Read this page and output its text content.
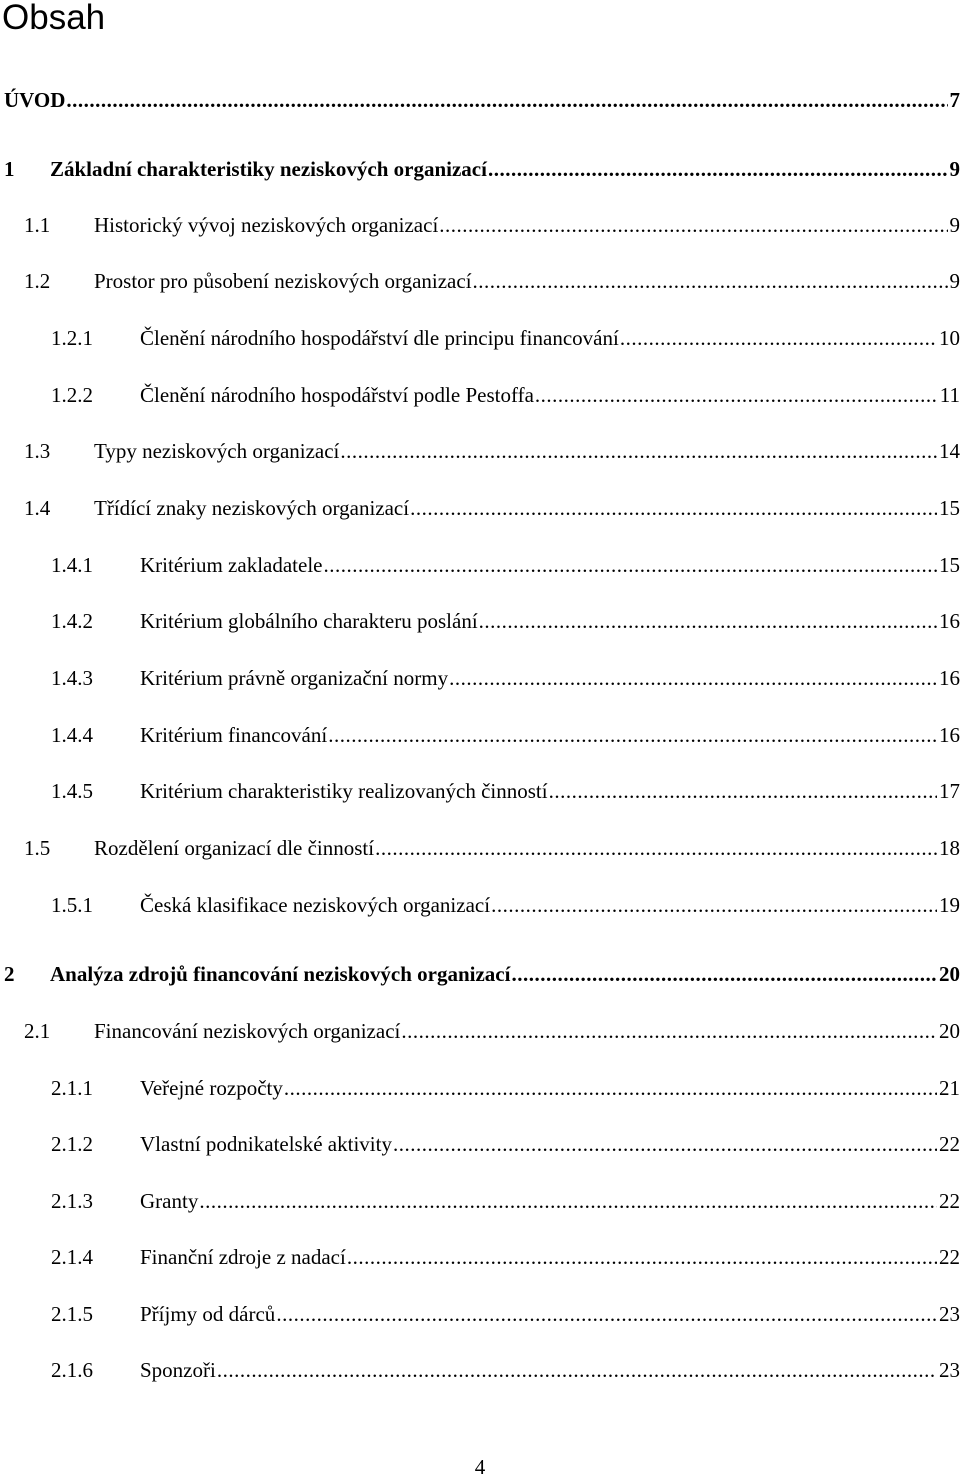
Obsah
ÚVOD .....	7
1 Základní charakteristiky neziskových organizací .....	9
1.1 Historický vývoj neziskových organizací .....	9
1.2 Prostor pro působení neziskových organizací .....	9
1.2.1 Členění národního hospodářství dle principu financování .....	10
1.2.2 Členění národního hospodářství podle Pestoffa .....	11
1.3 Typy neziskových organizací .....	14
1.4 Třídící znaky neziskových organizací .....	15
1.4.1 Kritérium zakladatele .....	15
1.4.2 Kritérium globálního charakteru poslání .....	16
1.4.3 Kritérium právně organizační normy .....	16
1.4.4 Kritérium financování .....	16
1.4.5 Kritérium charakteristiky realizovaných činností .....	17
1.5 Rozdělení organizací dle činností .....	18
1.5.1 Česká klasifikace neziskových organizací .....	19
2 Analýza zdrojů financování neziskových organizací .....	20
2.1 Financování neziskových organizací .....	20
2.1.1 Veřejné rozpočty .....	21
2.1.2 Vlastní podnikatelské aktivity .....	22
2.1.3 Granty .....	22
2.1.4 Finanční zdroje z nadací .....	22
2.1.5 Příjmy od dárců .....	23
2.1.6 Sponzoři .....	23
4
